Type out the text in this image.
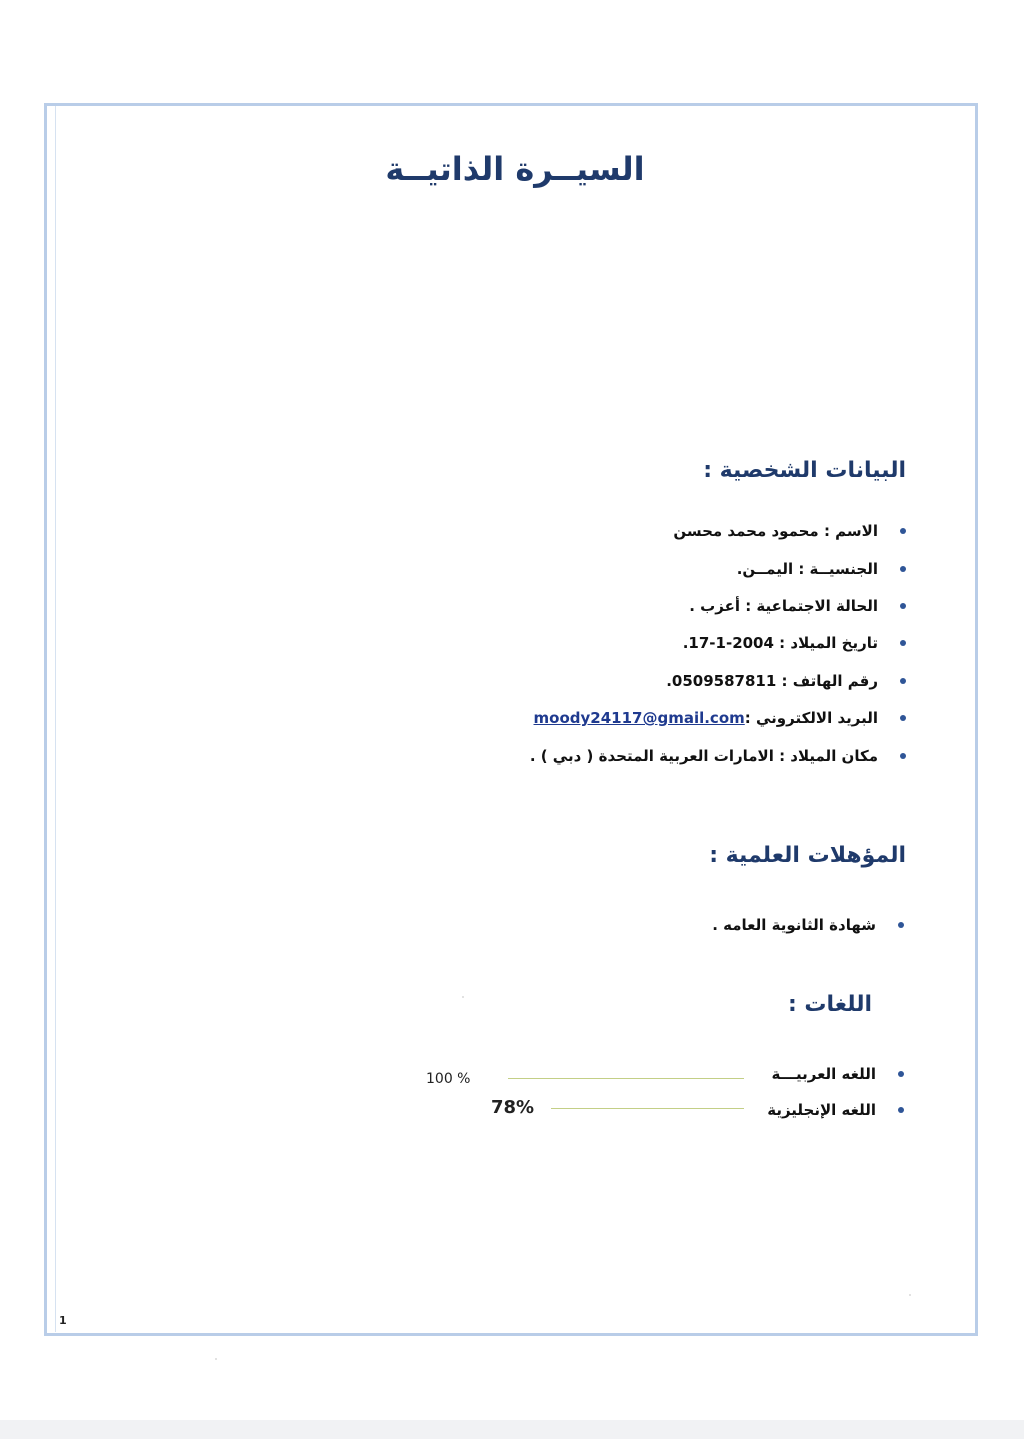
السيــرة الذاتيــة
البيانات الشخصية :
الاسم : محمود محمد محسن
الجنسيــة : اليمــن.
الحالة الاجتماعية : أعزب .
تاريخ الميلاد : 2004-1-17.
رقم الهاتف : 0509587811.
البريد الالكتروني :
moody24117@gmail.com
مكان الميلاد : الامارات العربية المتحدة ( دبي ) .
المؤهلات العلمية :
شهادة الثانوية العامه .
اللغات :
اللغه العربيـــة
100 %
اللغه الإنجليزية
78%
1
